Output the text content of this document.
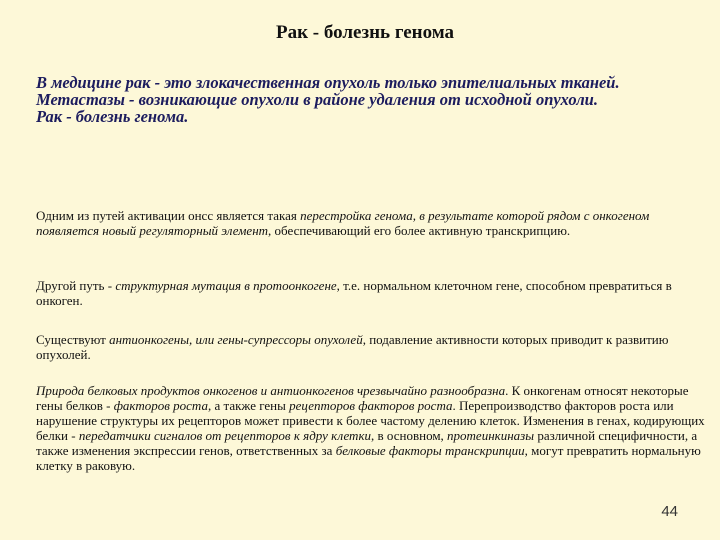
Рак - болезнь генома

В медицине рак - это злокачественная опухоль только эпителиальных тканей.

Метастазы - возникающие опухоли в районе удаления от исходной опухоли.

Рак - болезнь генома.

Одним из путей активации онсс является такая перестройка генома, в результате которой рядом с онкогеном появляется новый регуляторный элемент, обеспечивающий его более активную транскрипцию.
Другой путь - структурная мутация в протоонкогене, т.е. нормальном клеточном гене, способном превратиться в онкоген.
Существуют антионкогены, или гены-супрессоры опухолей, подавление активности которых приводит к развитию опухолей.
Природа белковых продуктов онкогенов и антионкогенов чрезвычайно разнообразна. К онкогенам относят некоторые гены белков - факторов роста, а также гены рецепторов факторов роста. Перепроизводство факторов роста или нарушение структуры их рецепторов может привести к более частому делению клеток. Изменения в генах, кодирующих белки - передатчики сигналов от рецепторов к ядру клетки, в основном, протеинкиназы различной специфичности, а также изменения экспрессии генов, ответственных за белковые факторы транскрипции, могут превратить нормальную клетку в раковую.
44
